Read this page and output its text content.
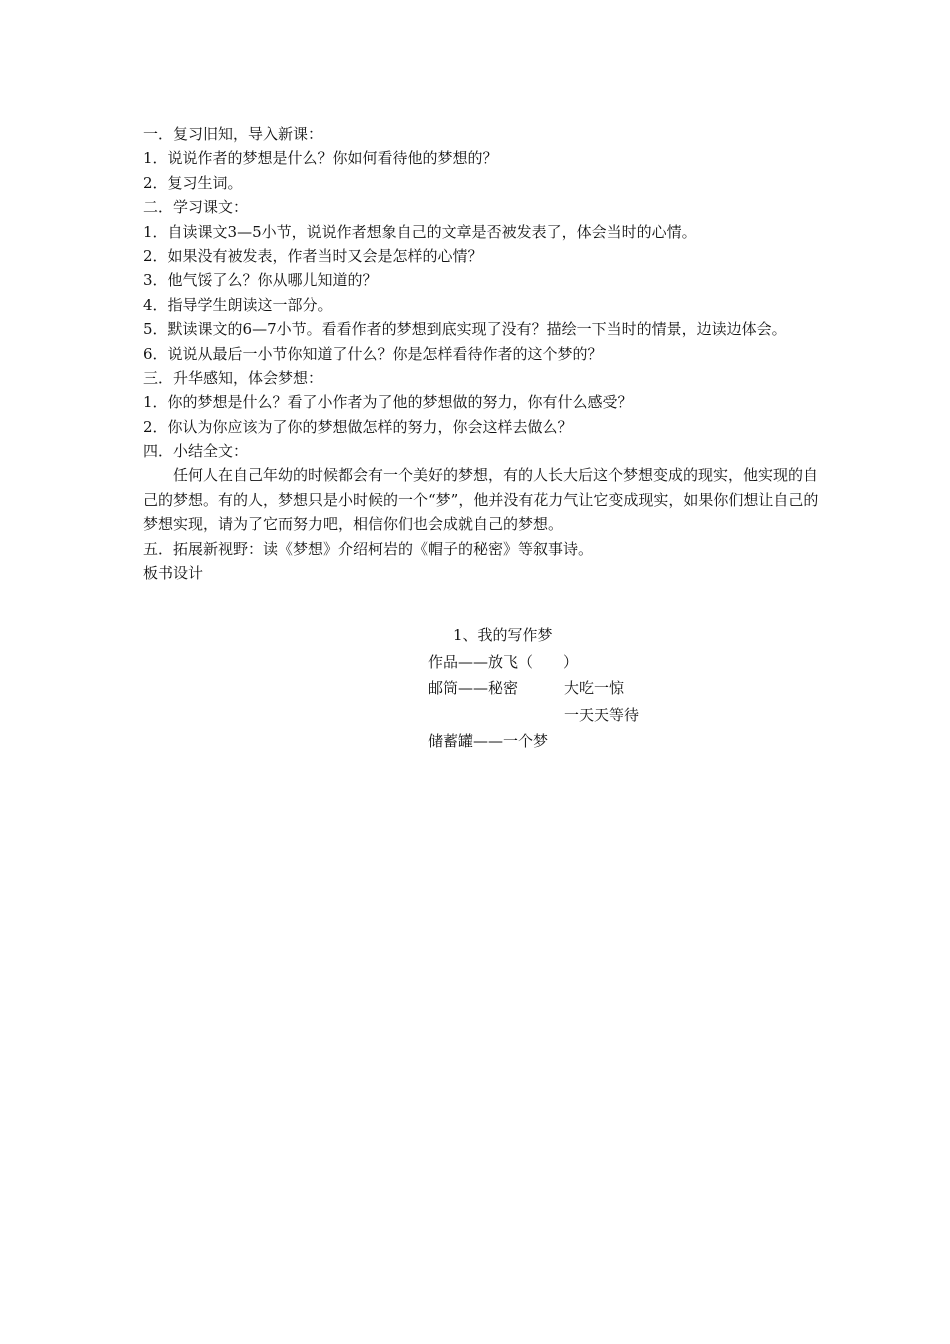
一．复习旧知，导入新课：
1．说说作者的梦想是什么？你如何看待他的梦想的？
2．复习生词。
二．学习课文：
1．自读课文3—5小节，说说作者想象自己的文章是否被发表了，体会当时的心情。
2．如果没有被发表，作者当时又会是怎样的心情？
3．他气馁了么？你从哪儿知道的？
4．指导学生朗读这一部分。
5．默读课文的6—7小节。看看作者的梦想到底实现了没有？描绘一下当时的情景，边读边体会。
6．说说从最后一小节你知道了什么？你是怎样看待作者的这个梦的？
三．升华感知，体会梦想：
1．你的梦想是什么？看了小作者为了他的梦想做的努力，你有什么感受？
2．你认为你应该为了你的梦想做怎样的努力，你会这样去做么？
四．小结全文：
任何人在自己年幼的时候都会有一个美好的梦想，有的人长大后这个梦想变成的现实，他实现的自己的梦想。有的人，梦想只是小时候的一个“梦”，他并没有花力气让它变成现实，如果你们想让自己的梦想实现，请为了它而努力吧，相信你们也会成就自己的梦想。
五．拓展新视野：读《梦想》介绍柯岩的《帽子的秘密》等叙事诗。
板书设计
1、我的写作梦
作品——放飞（　　）
邮筒——秘密	大吃一惊
一天天等待
储蓄罐——一个梦
